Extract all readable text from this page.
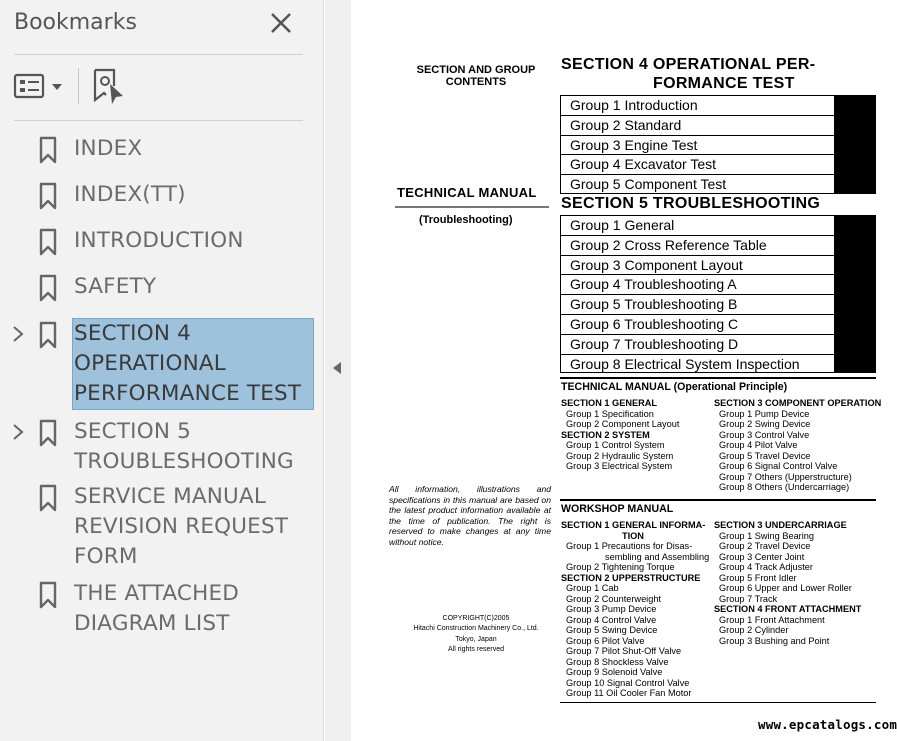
Bookmarks
INDEX
INDEX(TT)
INTRODUCTION
SAFETY
SECTION 4
OPERATIONAL
PERFORMANCE TEST
SECTION 5
TROUBLESHOOTING
SERVICE MANUAL
REVISION REQUEST
FORM
THE ATTACHED
DIAGRAM LIST
SECTION AND GROUP
CONTENTS
TECHNICAL MANUAL
(Troubleshooting)
All information, illustrations and specifications in this manual are based on the latest product information available at the time of publication. The right is reserved to make changes at any time without notice.
COPYRIGHT(C)2005
Hitachi Construction Machinery Co., Ltd.
Tokyo, Japan
All rights reserved
SECTION 4 OPERATIONAL PER-
FORMANCE TEST
Group 1 Introduction
Group 2 Standard
Group 3 Engine Test
Group 4 Excavator Test
Group 5 Component Test
SECTION 5 TROUBLESHOOTING
Group 1 General
Group 2 Cross Reference Table
Group 3 Component Layout
Group 4 Troubleshooting A
Group 5 Troubleshooting B
Group 6 Troubleshooting C
Group 7 Troubleshooting D
Group 8 Electrical System Inspection
TECHNICAL MANUAL (Operational Principle)
SECTION 1 GENERAL
Group 1 Specification
Group 2 Component Layout
SECTION 2 SYSTEM
Group 1 Control System
Group 2 Hydraulic System
Group 3 Electrical System
SECTION 3 COMPONENT OPERATION
Group 1 Pump Device
Group 2 Swing Device
Group 3 Control Valve
Group 4 Pilot Valve
Group 5 Travel Device
Group 6 Signal Control Valve
Group 7 Others (Upperstructure)
Group 8 Others (Undercarriage)
WORKSHOP MANUAL
SECTION 1 GENERAL INFORMA-
TION
Group 1 Precautions for Disas-
sembling and Assembling
Group 2 Tightening Torque
SECTION 2 UPPERSTRUCTURE
Group 1 Cab
Group 2 Counterweight
Group 3 Pump Device
Group 4 Control Valve
Group 5 Swing Device
Group 6 Pilot Valve
Group 7 Pilot Shut-Off Valve
Group 8 Shockless Valve
Group 9 Solenoid Valve
Group 10 Signal Control Valve
Group 11 Oil Cooler Fan Motor
SECTION 3 UNDERCARRIAGE
Group 1 Swing Bearing
Group 2 Travel Device
Group 3 Center Joint
Group 4 Track Adjuster
Group 5 Front Idler
Group 6 Upper and Lower Roller
Group 7 Track
SECTION 4 FRONT ATTACHMENT
Group 1 Front Attachment
Group 2 Cylinder
Group 3 Bushing and Point
www.epcatalogs.com
